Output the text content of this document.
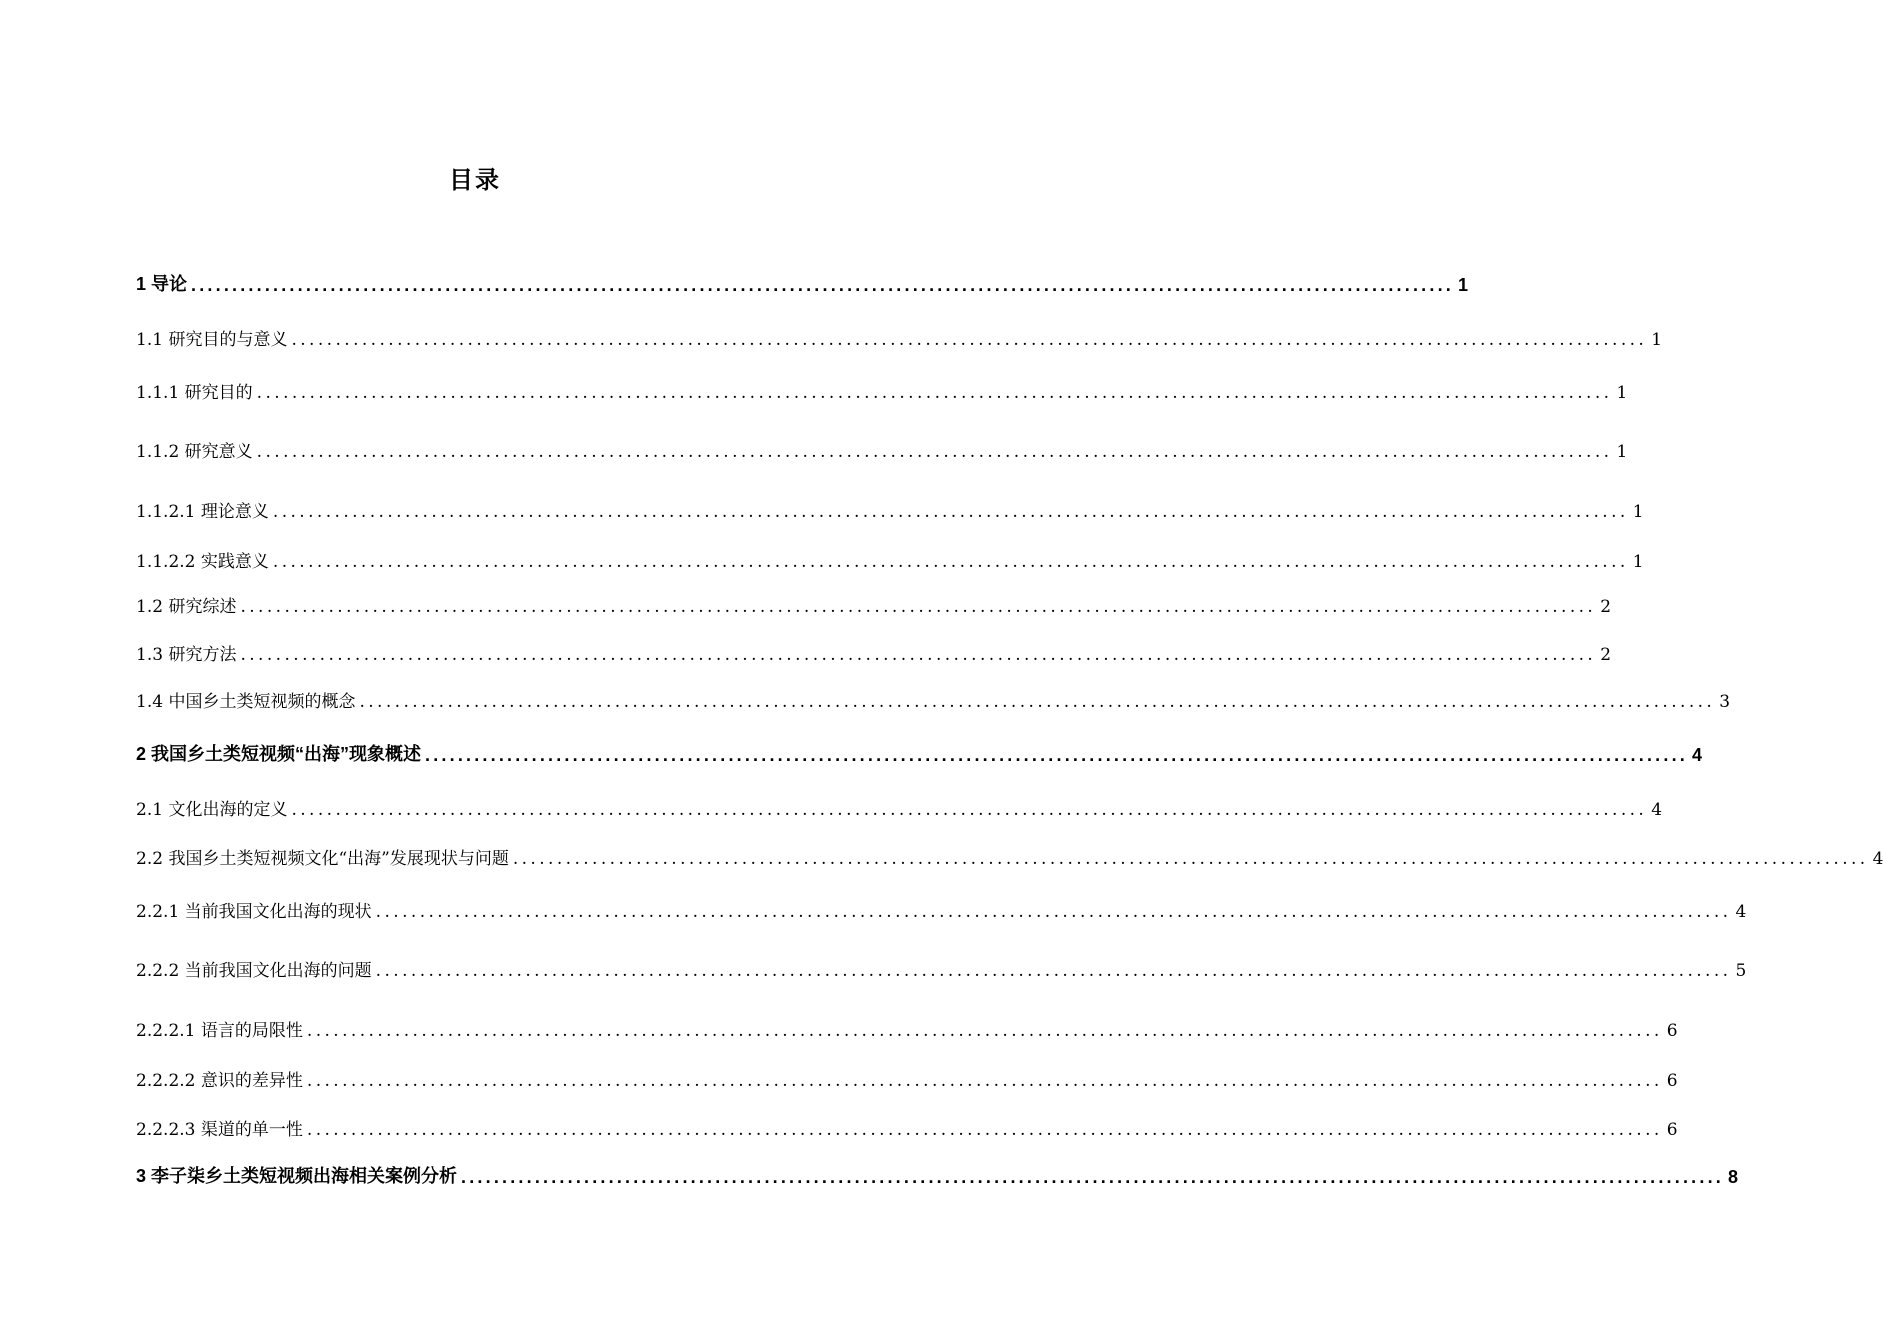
目录
1 导论 .......................................................................................................................................................... 1
1.1 研究目的与意义 .......................................................................................................................................................... 1
1.1.1 研究目的 .......................................................................................................................................................... 1
1.1.2 研究意义 .......................................................................................................................................................... 1
1.1.2.1 理论意义 .......................................................................................................................................................... 1
1.1.2.2 实践意义 .......................................................................................................................................................... 1
1.2 研究综述 .......................................................................................................................................................... 2
1.3 研究方法 .......................................................................................................................................................... 2
1.4 中国乡土类短视频的概念 .......................................................................................................................................................... 3
2 我国乡土类短视频“出海”现象概述 .......................................................................................................................................................... 4
2.1 文化出海的定义 .......................................................................................................................................................... 4
2.2 我国乡土类短视频文化“出海”发展现状与问题 .......................................................................................................................................................... 4
2.2.1 当前我国文化出海的现状 .......................................................................................................................................................... 4
2.2.2 当前我国文化出海的问题 .......................................................................................................................................................... 5
2.2.2.1 语言的局限性 .......................................................................................................................................................... 6
2.2.2.2 意识的差异性 .......................................................................................................................................................... 6
2.2.2.3 渠道的单一性 .......................................................................................................................................................... 6
3 李子柒乡土类短视频出海相关案例分析 .......................................................................................................................................................... 8
